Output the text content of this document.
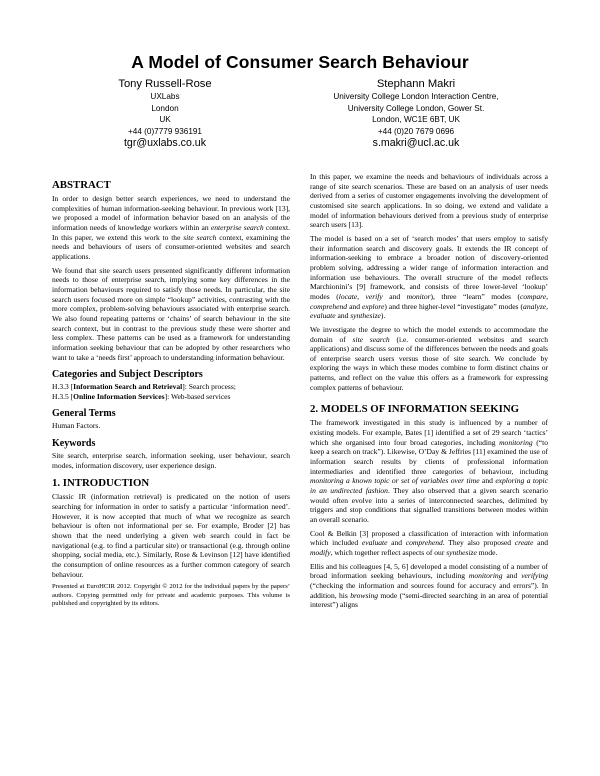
A Model of Consumer Search Behaviour
Tony Russell-Rose
UXLabs
London
UK
+44 (0)7779 936191
tgr@uxlabs.co.uk
Stephann Makri
University College London Interaction Centre,
University College London, Gower St.
London, WC1E 6BT, UK
+44 (0)20 7679 0696
s.makri@ucl.ac.uk
ABSTRACT

In order to design better search experiences, we need to understand the complexities of human information-seeking behaviour. In previous work [13], we proposed a model of information behavior based on an analysis of the information needs of knowledge workers within an enterprise search context. In this paper, we extend this work to the site search context, examining the needs and behaviours of users of consumer-oriented websites and search applications.

We found that site search users presented significantly different information needs to those of enterprise search, implying some key differences in the information behaviours required to satisfy those needs. In particular, the site search users focused more on simple “lookup” activities, contrasting with the more complex, problem-solving behaviours associated with enterprise search. We also found repeating patterns or ‘chains’ of search behaviour in the site search context, but in contrast to the previous study these were shorter and less complex. These patterns can be used as a framework for understanding information seeking behaviour that can be adopted by other researchers who want to take a ‘needs first’ approach to understanding information behaviour.

Categories and Subject Descriptors
H.3.3 [Information Search and Retrieval]: Search process;
H.3.5 [Online Information Services]: Web-based services
General Terms

Human Factors.

Keywords

Site search, enterprise search, information seeking, user behaviour, search modes, information discovery, user experience design.

1. INTRODUCTION

Classic IR (information retrieval) is predicated on the notion of users searching for information in order to satisfy a particular ‘information need’. However, it is now accepted that much of what we recognize as search behaviour is often not informational per se. For example, Broder [2] has shown that the need underlying a given web search could in fact be navigational (e.g. to find a particular site) or transactional (e.g. through online shopping, social media, etc.). Similarly, Rose & Levinson [12] have identified the consumption of online resources as a further common category of search behaviour.

Presented at EuroHCIR 2012. Copyright © 2012 for the individual papers by the papers’ authors. Copying permitted only for private and academic purposes. This volume is published and copyrighted by its editors.

In this paper, we examine the needs and behaviours of individuals across a range of site search scenarios. These are based on an analysis of user needs derived from a series of customer engagements involving the development of customised site search applications. In so doing, we extend and validate a model of information behaviours derived from a previous study of enterprise search users [13].

The model is based on a set of ‘search modes’ that users employ to satisfy their information search and discovery goals. It extends the IR concept of information-seeking to embrace a broader notion of discovery-oriented problem solving, addressing a wider range of information interaction and information use behaviours. The overall structure of the model reflects Marchionini’s [9] framework, and consists of three lower-level ‘lookup’ modes (locate, verify and monitor), three “learn” modes (compare, comprehend and explore) and three higher-level “investigate” modes (analyze, evaluate and synthesize).

We investigate the degree to which the model extends to accommodate the domain of site search (i.e. consumer-oriented websites and search applications) and discuss some of the differences between the needs and goals of enterprise search users versus those of site search. We conclude by exploring the ways in which these modes combine to form distinct chains or patterns, and reflect on the value this offers as a framework for expressing complex patterns of behaviour.

2. MODELS OF INFORMATION SEEKING

The framework investigated in this study is influenced by a number of existing models. For example, Bates [1] identified a set of 29 search ‘tactics’ which she organised into four broad categories, including monitoring (“to keep a search on track”). Likewise, O’Day & Jeffries [11] examined the use of information search results by clients of professional information intermediaries and identified three categories of behaviour, including monitoring a known topic or set of variables over time and exploring a topic in an undirected fashion. They also observed that a given search scenario would often evolve into a series of interconnected searches, delimited by triggers and stop conditions that signalled transitions between modes within an overall scenario.

Cool & Belkin [3] proposed a classification of interaction with information which included evaluate and comprehend. They also proposed create and modify, which together reflect aspects of our synthesize mode.

Ellis and his colleagues [4, 5, 6] developed a model consisting of a number of broad information seeking behaviours, including monitoring and verifying (“checking the information and sources found for accuracy and errors”). In addition, his browsing mode (“semi-directed searching in an area of potential interest”) aligns
